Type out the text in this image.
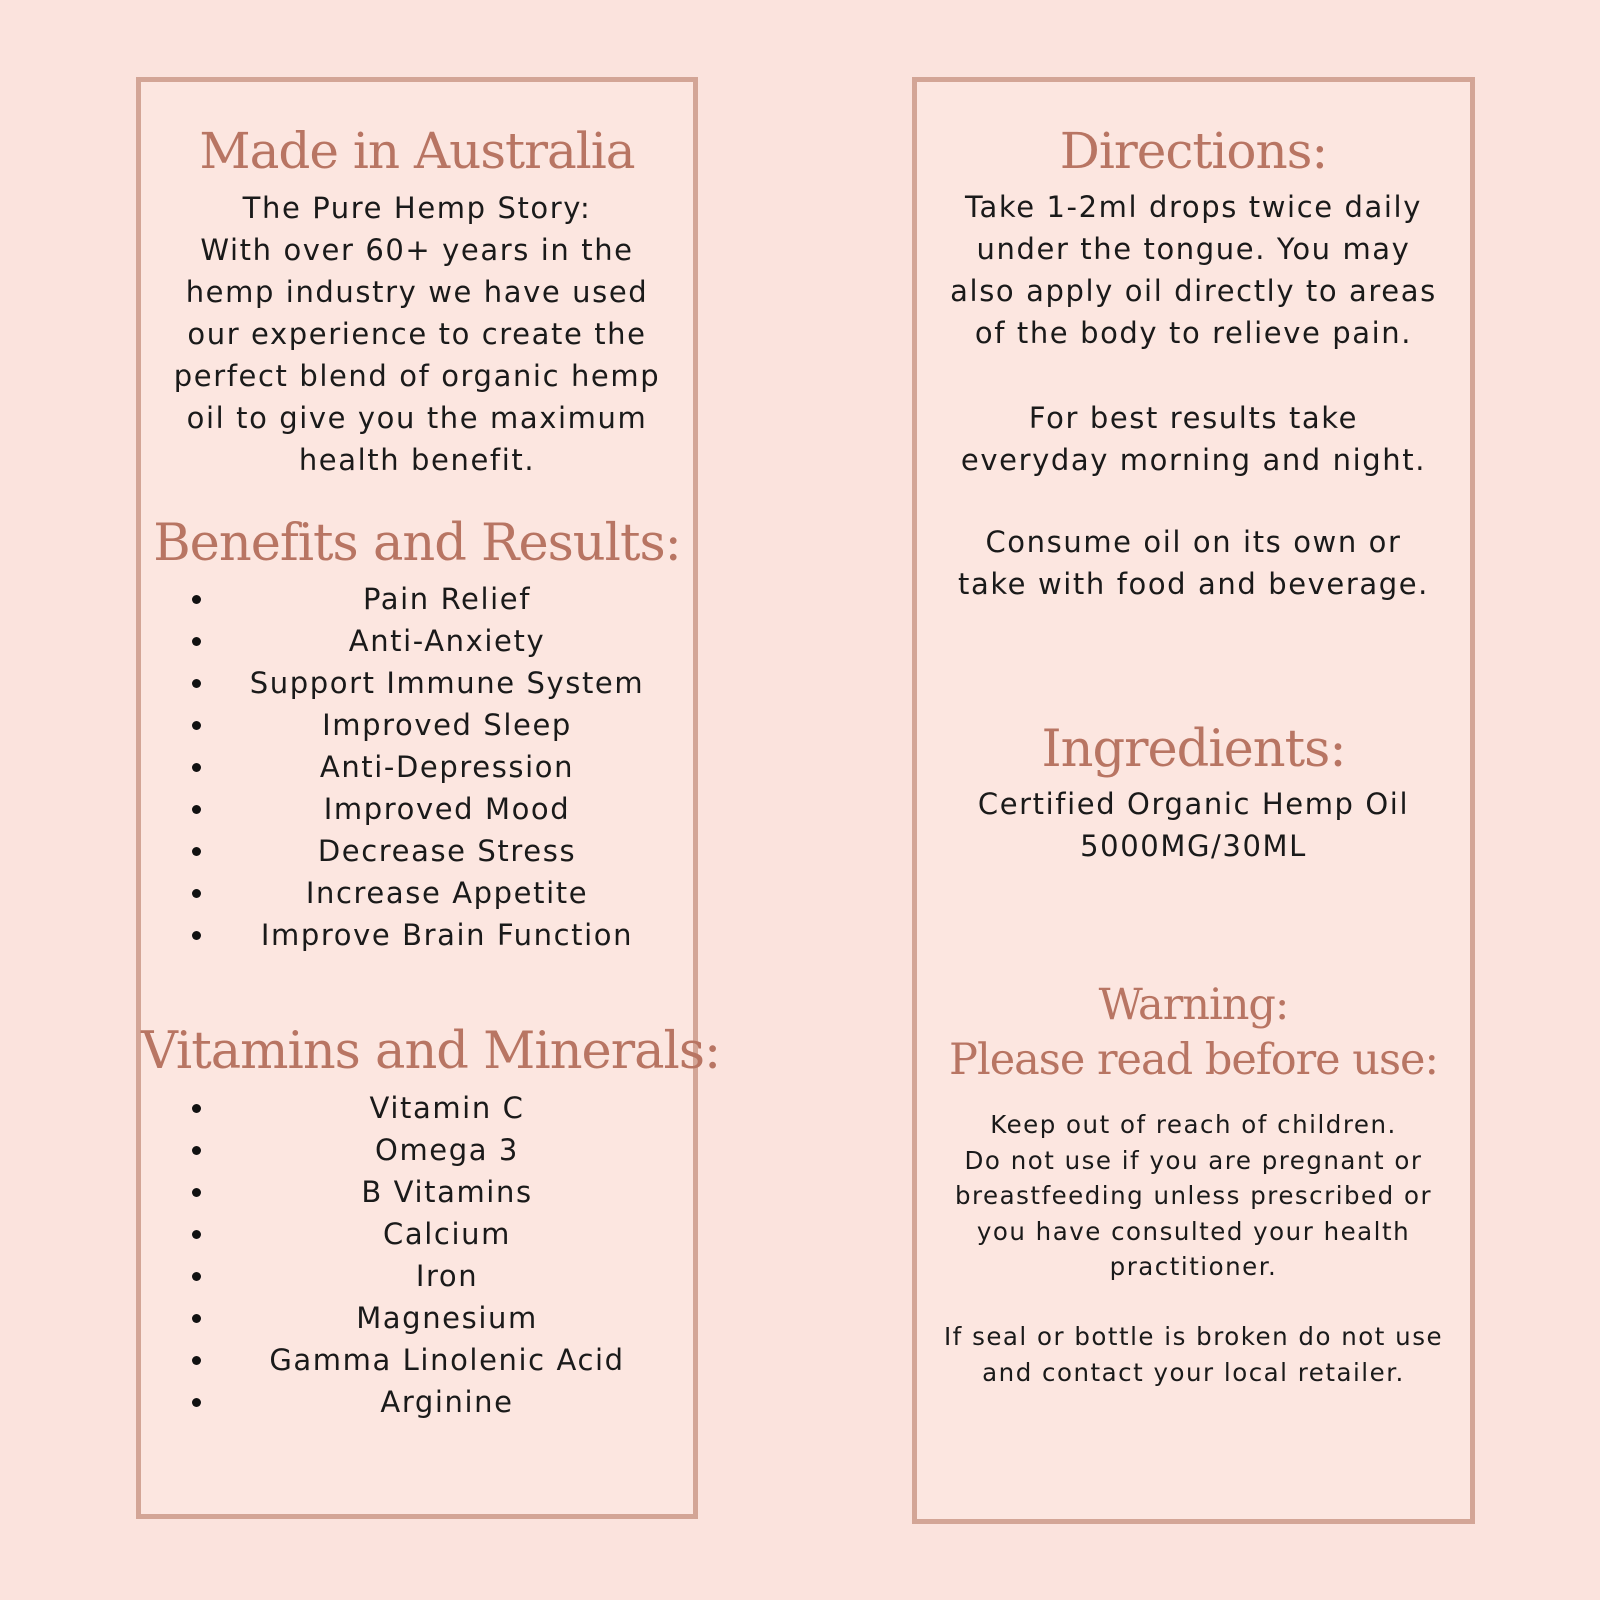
Made in Australia

The Pure Hemp Story:
With over 60+ years in the
hemp industry we have used
our experience to create the
perfect blend of organic hemp
oil to give you the maximum
health benefit.

Benefits and Results:
Pain Relief
Anti-Anxiety
Support Immune System
Improved Sleep
Anti-Depression
Improved Mood
Decrease Stress
Increase Appetite
Improve Brain Function
Vitamins and Minerals:
Vitamin C
Omega 3
B Vitamins
Calcium
Iron
Magnesium
Gamma Linolenic Acid
Arginine
Directions:

Take 1-2ml drops twice daily
under the tongue. You may
also apply oil directly to areas
of the body to relieve pain.

For best results take
everyday morning and night.

Consume oil on its own or
take with food and beverage.

Ingredients:

Certified Organic Hemp Oil
5000MG/30ML

Warning:
Please read before use:

Keep out of reach of children.
Do not use if you are pregnant or
breastfeeding unless prescribed or
you have consulted your health
practitioner.

If seal or bottle is broken do not use
and contact your local retailer.
